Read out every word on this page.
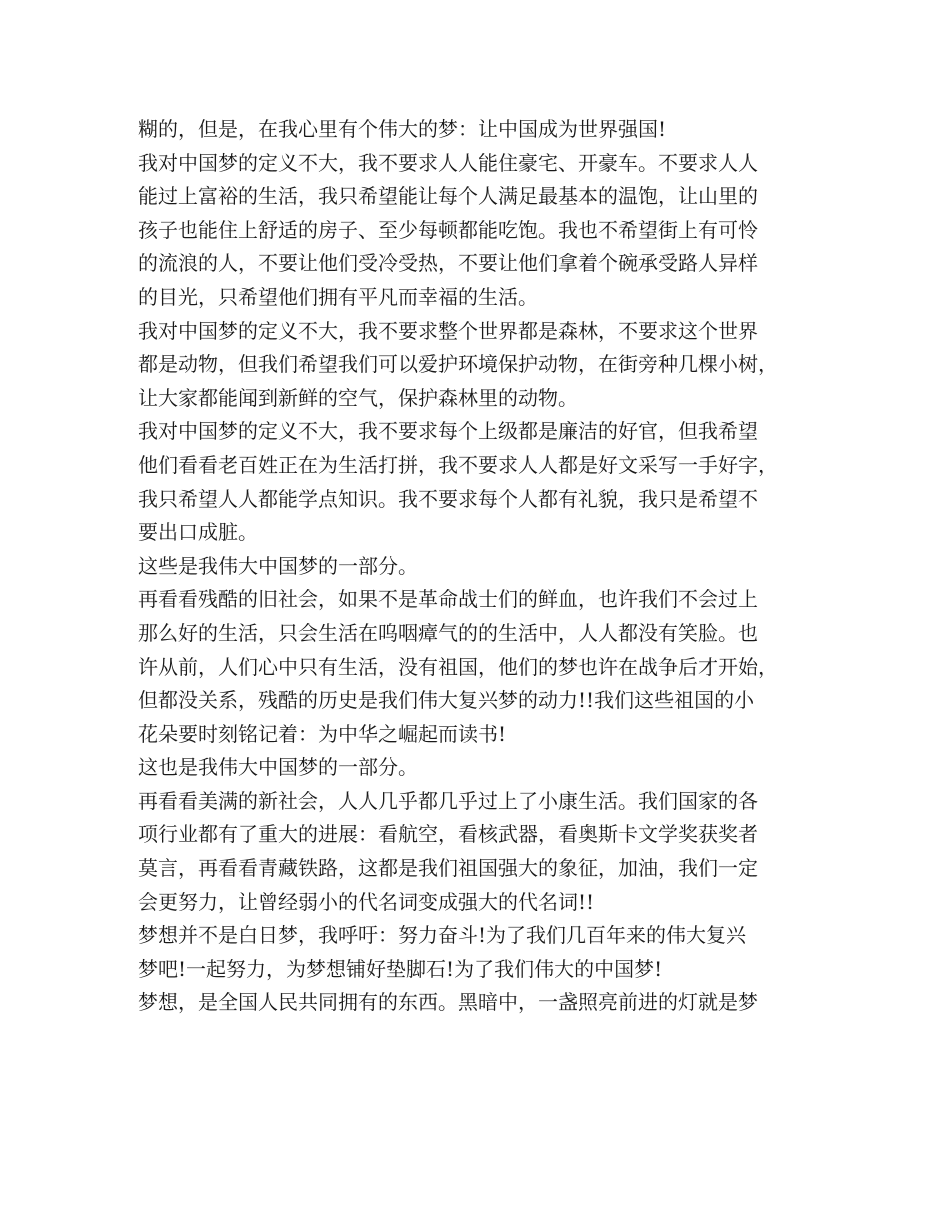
糊的，但是，在我心里有个伟大的梦：让中国成为世界强国!
我对中国梦的定义不大，我不要求人人能住豪宅、开豪车。不要求人人
能过上富裕的生活，我只希望能让每个人满足最基本的温饱，让山里的
孩子也能住上舒适的房子、至少每顿都能吃饱。我也不希望街上有可怜
的流浪的人，不要让他们受冷受热，不要让他们拿着个碗承受路人异样
的目光，只希望他们拥有平凡而幸福的生活。
我对中国梦的定义不大，我不要求整个世界都是森林，不要求这个世界
都是动物，但我们希望我们可以爱护环境保护动物，在街旁种几棵小树，
让大家都能闻到新鲜的空气，保护森林里的动物。
我对中国梦的定义不大，我不要求每个上级都是廉洁的好官，但我希望
他们看看老百姓正在为生活打拼，我不要求人人都是好文采写一手好字，
我只希望人人都能学点知识。我不要求每个人都有礼貌，我只是希望不
要出口成脏。
这些是我伟大中国梦的一部分。
再看看残酷的旧社会，如果不是革命战士们的鲜血，也许我们不会过上
那么好的生活，只会生活在呜咽瘴气的的生活中，人人都没有笑脸。也
许从前，人们心中只有生活，没有祖国，他们的梦也许在战争后才开始，
但都没关系，残酷的历史是我们伟大复兴梦的动力!!我们这些祖国的小
花朵要时刻铭记着：为中华之崛起而读书!
这也是我伟大中国梦的一部分。
再看看美满的新社会，人人几乎都几乎过上了小康生活。我们国家的各
项行业都有了重大的进展：看航空，看核武器，看奥斯卡文学奖获奖者
莫言，再看看青藏铁路，这都是我们祖国强大的象征，加油，我们一定
会更努力，让曾经弱小的代名词变成强大的代名词!!
梦想并不是白日梦，我呼吁：努力奋斗!为了我们几百年来的伟大复兴
梦吧!一起努力，为梦想铺好垫脚石!为了我们伟大的中国梦!
梦想，是全国人民共同拥有的东西。黑暗中，一盏照亮前进的灯就是梦
